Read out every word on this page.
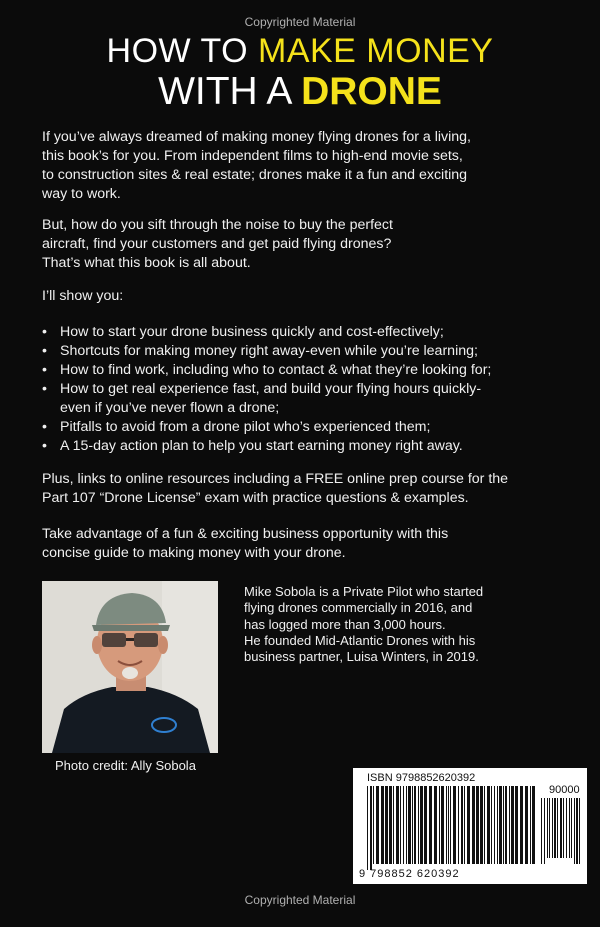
Copyrighted Material
HOW TO MAKE MONEY
WITH A DRONE

If you’ve always dreamed of making money flying drones for a living,
this book’s for you. From independent films to high-end movie sets,
to construction sites & real estate; drones make it a fun and exciting
way to work.

But, how do you sift through the noise to buy the perfect
aircraft, find your customers and get paid flying drones?
That’s what this book is all about.

I’ll show you:

• How to start your drone business quickly and cost-effectively;
• Shortcuts for making money right away-even while you’re learning;
• How to find work, including who to contact & what they’re looking for;
• How to get real experience fast, and build your flying hours quickly-
even if you’ve never flown a drone;
• Pitfalls to avoid from a drone pilot who’s experienced them;
• A 15-day action plan to help you start earning money right away.

Plus, links to online resources including a FREE online prep course for the
Part 107 “Drone License” exam with practice questions & examples.

Take advantage of a fun & exciting business opportunity with this
concise guide to making money with your drone.

Photo credit: Ally Sobola
Mike Sobola is a Private Pilot who started
flying drones commercially in 2016, and
has logged more than 3,000 hours.
He founded Mid-Atlantic Drones with his
business partner, Luisa Winters, in 2019.
ISBN 9798852620392
90000
9 798852 620392
Copyrighted Material
